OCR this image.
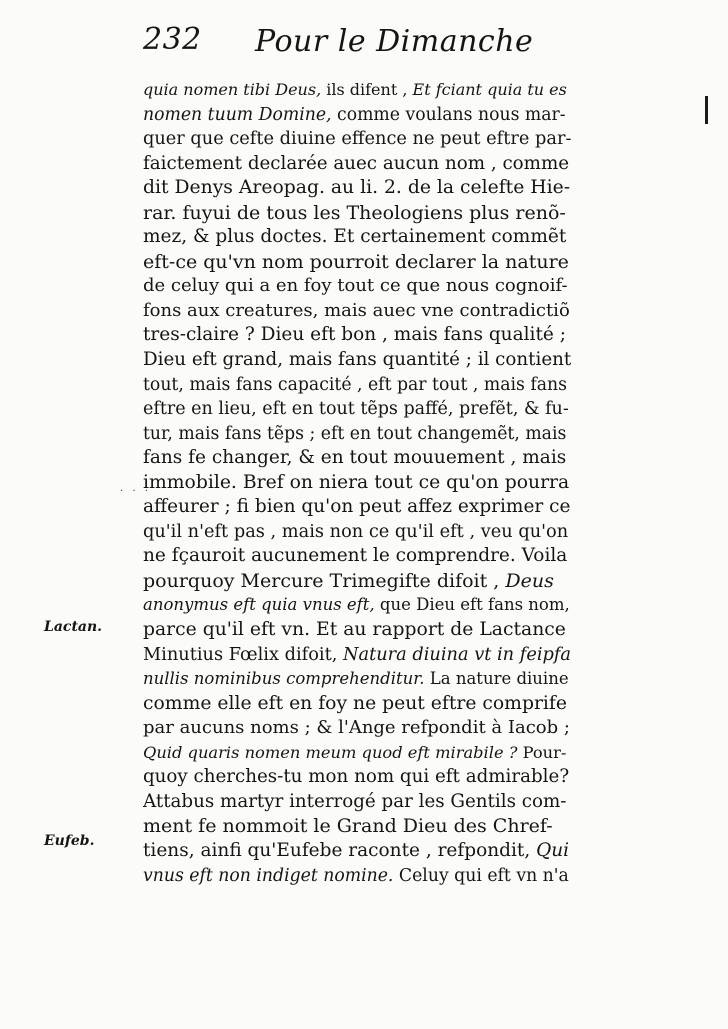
232 Pour le Dimanche
quia nomen tibi Deus, ils difent , Et fciant quia tu es
nomen tuum Domine, comme voulans nous mar-
quer que cefte diuine effence ne peut eftre par-
faictement declarée auec aucun nom , comme
dit Denys Areopag. au li. 2. de la celefte Hie-
rar. fuyui de tous les Theologiens plus renõ-
mez, & plus doctes. Et certainement commẽt
eft-ce qu'vn nom pourroit declarer la nature
de celuy qui a en foy tout ce que nous cognoif-
fons aux creatures, mais auec vne contradictiõ
tres-claire ? Dieu eft bon , mais fans qualité ;
Dieu eft grand, mais fans quantité ; il contient
tout, mais fans capacité , eft par tout , mais fans
eftre en lieu, eft en tout tẽps paffé, prefẽt, & fu-
tur, mais fans tẽps ; eft en tout changemẽt, mais
fans fe changer, & en tout mouuement , mais
immobile. Bref on niera tout ce qu'on pourra
affeurer ; fi bien qu'on peut affez exprimer ce
qu'il n'eft pas , mais non ce qu'il eft , veu qu'on
ne fçauroit aucunement le comprendre. Voila
pourquoy Mercure Trimegifte difoit , Deus
anonymus eft quia vnus eft, que Dieu eft fans nom,
parce qu'il eft vn. Et au rapport de Lactance
Minutius Fœlix difoit, Natura diuina vt in feipfa
nullis nominibus comprehenditur. La nature diuine
comme elle eft en foy ne peut eftre comprife
par aucuns noms ; & l'Ange refpondit à Iacob ;
Quid quaris nomen meum quod eft mirabile ? Pour-
quoy cherches-tu mon nom qui eft admirable?
Attabus martyr interrogé par les Gentils com-
ment fe nommoit le Grand Dieu des Chref-
tiens, ainfi qu'Eufebe raconte , refpondit, Qui
vnus eft non indiget nomine. Celuy qui eft vn n'a
Lactan.
Eufeb.
· · ·
